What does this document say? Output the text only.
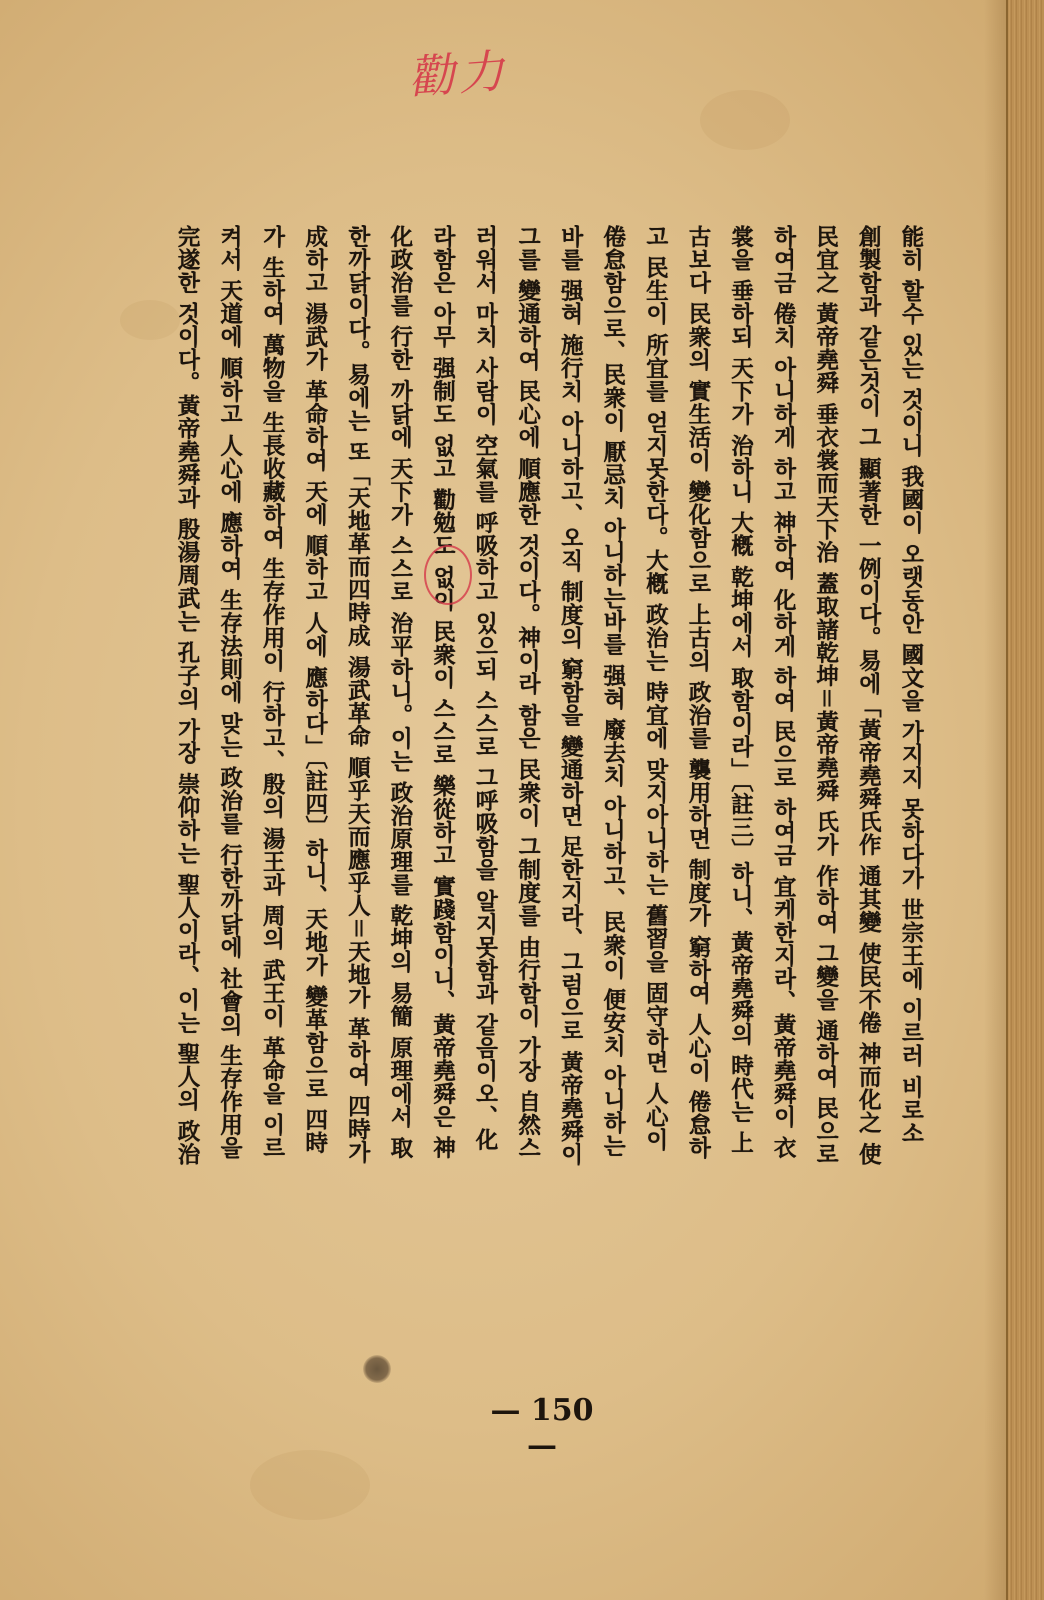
勸力
能히 할수 있는 것이니 我國이 오랫동안 國文을 가지지 못하다가 世宗王에 이르러 비로소
創製함과 같은것이 그 顯著한 一例이다。易에「黃帝堯舜氏作 通其變 使民不倦 神而化之 使
民宜之 黃帝堯舜 垂衣裳而天下治 蓋取諸乾坤＝黃帝堯舜 氏가 作하여 그變을 通하여 民으로
하여금 倦치 아니하게 하고 神하여 化하게 하여 民으로 하여금 宜케한지라、黃帝堯舜이 衣
裳을 垂하되 天下가 治하니 大槪 乾坤에서 取함이라」〔註三〕하니、黃帝堯舜의 時代는 上
古보다 民衆의 實生活이 變化함으로 上古의 政治를 襲用하면 制度가 窮하여 人心이 倦怠하
고 民生이 所宜를 얻지못한다。大槪 政治는 時宜에 맞지아니하는 舊習을 固守하면 人心이
倦怠함으로、民衆이 厭忌치 아니하는바를 强혀 廢去치 아니하고、民衆이 便安치 아니하는
바를 强혀 施行치 아니하고、오직 制度의 窮함을 變通하면 足한지라、그럼으로 黃帝堯舜이
그를 變通하여 民心에 順應한 것이다。神이라 함은 民衆이 그制度를 由行함이 가장 自然스
러워서 마치 사람이 空氣를 呼吸하고 있으되 스스로 그呼吸함을 알지못함과 같음이오、化
라함은 아무 强制도 없고 勸勉도 없이 民衆이 스스로 樂從하고 實踐함이니、黃帝堯舜은 神
化政治를 行한 까닭에 天下가 스스로 治平하니。이는 政治原理를 乾坤의 易簡 原理에서 取
한까닭이다。易에는 또「天地革而四時成 湯武革命 順乎天而應乎人＝天地가 革하여 四時가
成하고 湯武가 革命하여 天에 順하고 人에 應하다」〔註四〕하니、天地가 變革함으로 四時
가 生하여 萬物을 生長收藏하여 生存作用이 行하고、殷의 湯王과 周의 武王이 革命을 이르
켜서 天道에 順하고 人心에 應하여 生存法則에 맞는 政治를 行한까닭에 社會의 生存作用을
完遂한 것이다。黃帝堯舜과 殷湯周武는 孔子의 가장 崇仰하는 聖人이라、이는 聖人의 政治
— 150 —
